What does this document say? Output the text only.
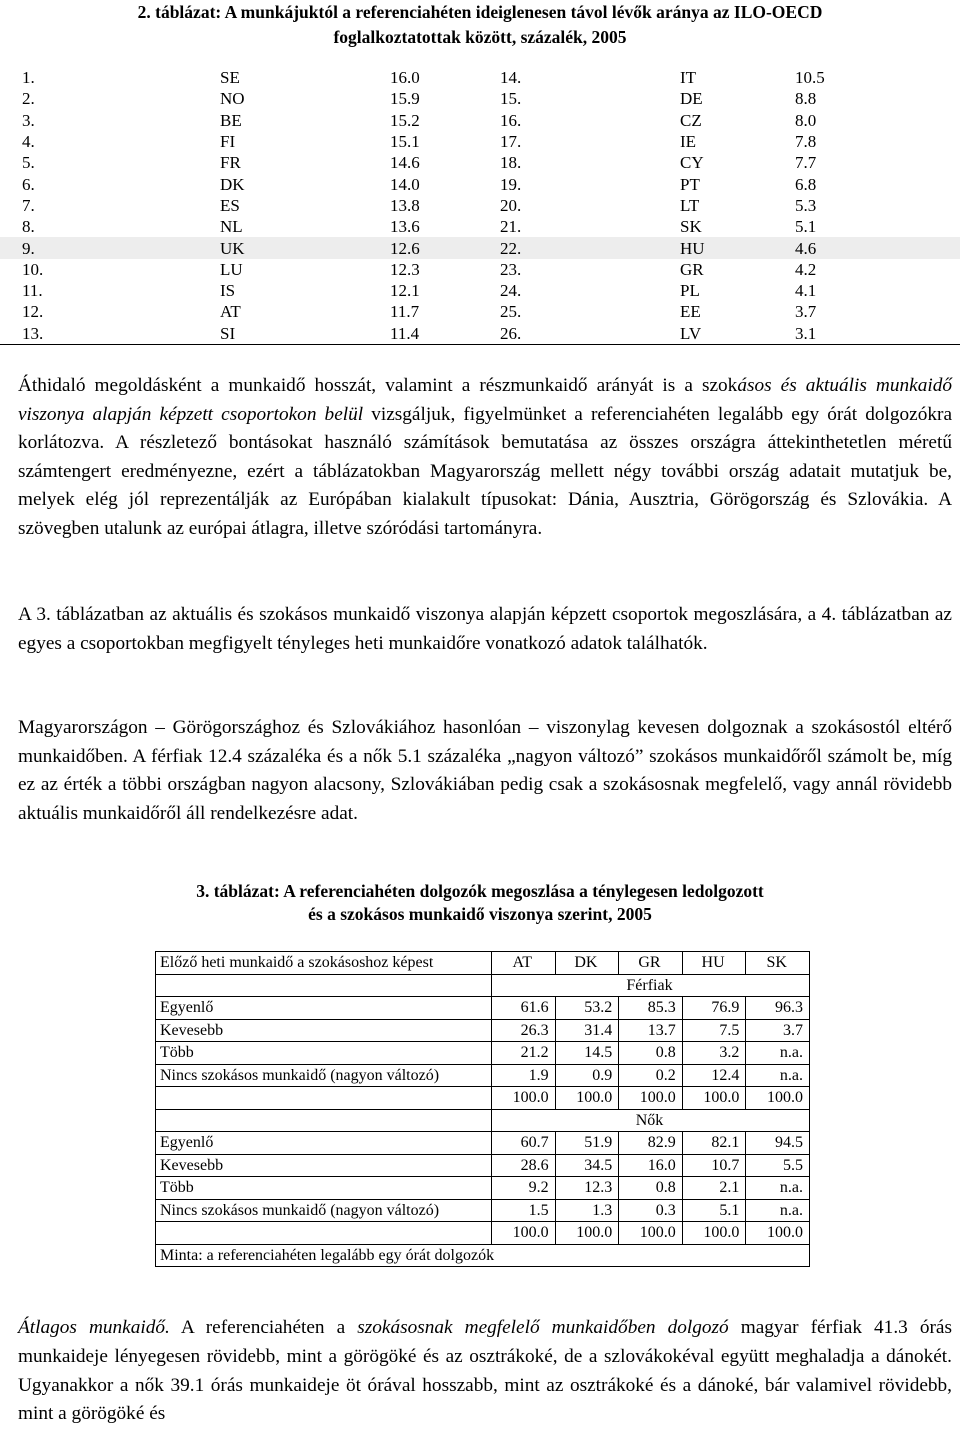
2. táblázat: A munkájuktól a referenciahéten ideiglenesen távol lévők aránya az ILO-OECD
foglalkoztatottak között, százalék, 2005
1.	SE	16.0	14.	IT	10.5
2.	NO	15.9	15.	DE	8.8
3.	BE	15.2	16.	CZ	8.0
4.	FI	15.1	17.	IE	7.8
5.	FR	14.6	18.	CY	7.7
6.	DK	14.0	19.	PT	6.8
7.	ES	13.8	20.	LT	5.3
8.	NL	13.6	21.	SK	5.1
9.	UK	12.6	22.	HU	4.6
10.	LU	12.3	23.	GR	4.2
11.	IS	12.1	24.	PL	4.1
12.	AT	11.7	25.	EE	3.7
13.	SI	11.4	26.	LV	3.1

Áthidaló megoldásként a munkaidő hosszát, valamint a részmunkaidő arányát is a szokásos és aktuális munkaidő viszonya alapján képzett csoportokon belül vizsgáljuk, figyelmünket a referenciahéten legalább egy órát dolgozókra korlátozva. A részletező bontásokat használó számítások bemutatása az összes országra áttekinthetetlen méretű számtengert eredményezne, ezért a táblázatokban Magyarország mellett négy további ország adatait mutatjuk be, melyek elég jól reprezentálják az Európában kialakult típusokat: Dánia, Ausztria, Görögország és Szlovákia. A szövegben utalunk az európai átlagra, illetve szóródási tartományra.

A 3. táblázatban az aktuális és szokásos munkaidő viszonya alapján képzett csoportok megoszlására, a 4. táblázatban az egyes a csoportokban megfigyelt tényleges heti munkaidőre vonatkozó adatok találhatók.

Magyarországon – Görögországhoz és Szlovákiához hasonlóan – viszonylag kevesen dolgoznak a szokásostól eltérő munkaidőben. A férfiak 12.4 százaléka és a nők 5.1 százaléka „nagyon változó” szokásos munkaidőről számolt be, míg ez az érték a többi országban nagyon alacsony, Szlovákiában pedig csak a szokásosnak megfelelő, vagy annál rövidebb aktuális munkaidőről áll rendelkezésre adat.

3. táblázat: A referenciahéten dolgozók megoszlása a ténylegesen ledolgozott
és a szokásos munkaidő viszonya szerint, 2005
Előző heti munkaidő a szokásoshoz képest	AT	DK	GR	HU	SK
	Férfiak				
Egyenlő	61.6	53.2	85.3	76.9	96.3
Kevesebb	26.3	31.4	13.7	7.5	3.7
Több	21.2	14.5	0.8	3.2	n.a.
Nincs szokásos munkaidő (nagyon változó)	1.9	0.9	0.2	12.4	n.a.
	100.0	100.0	100.0	100.0	100.0
	Nők				
Egyenlő	60.7	51.9	82.9	82.1	94.5
Kevesebb	28.6	34.5	16.0	10.7	5.5
Több	9.2	12.3	0.8	2.1	n.a.
Nincs szokásos munkaidő (nagyon változó)	1.5	1.3	0.3	5.1	n.a.
	100.0	100.0	100.0	100.0	100.0
Minta: a referenciahéten legalább egy órát dolgozók					

Átlagos munkaidő. A referenciahéten a szokásosnak megfelelő munkaidőben dolgozó magyar férfiak 41.3 órás munkaideje lényegesen rövidebb, mint a görögöké és az osztrákoké, de a szlovákokéval együtt meghaladja a dánokét. Ugyanakkor a nők 39.1 órás munkaideje öt órával hosszabb, mint az osztrákoké és a dánoké, bár valamivel rövidebb, mint a görögöké és
